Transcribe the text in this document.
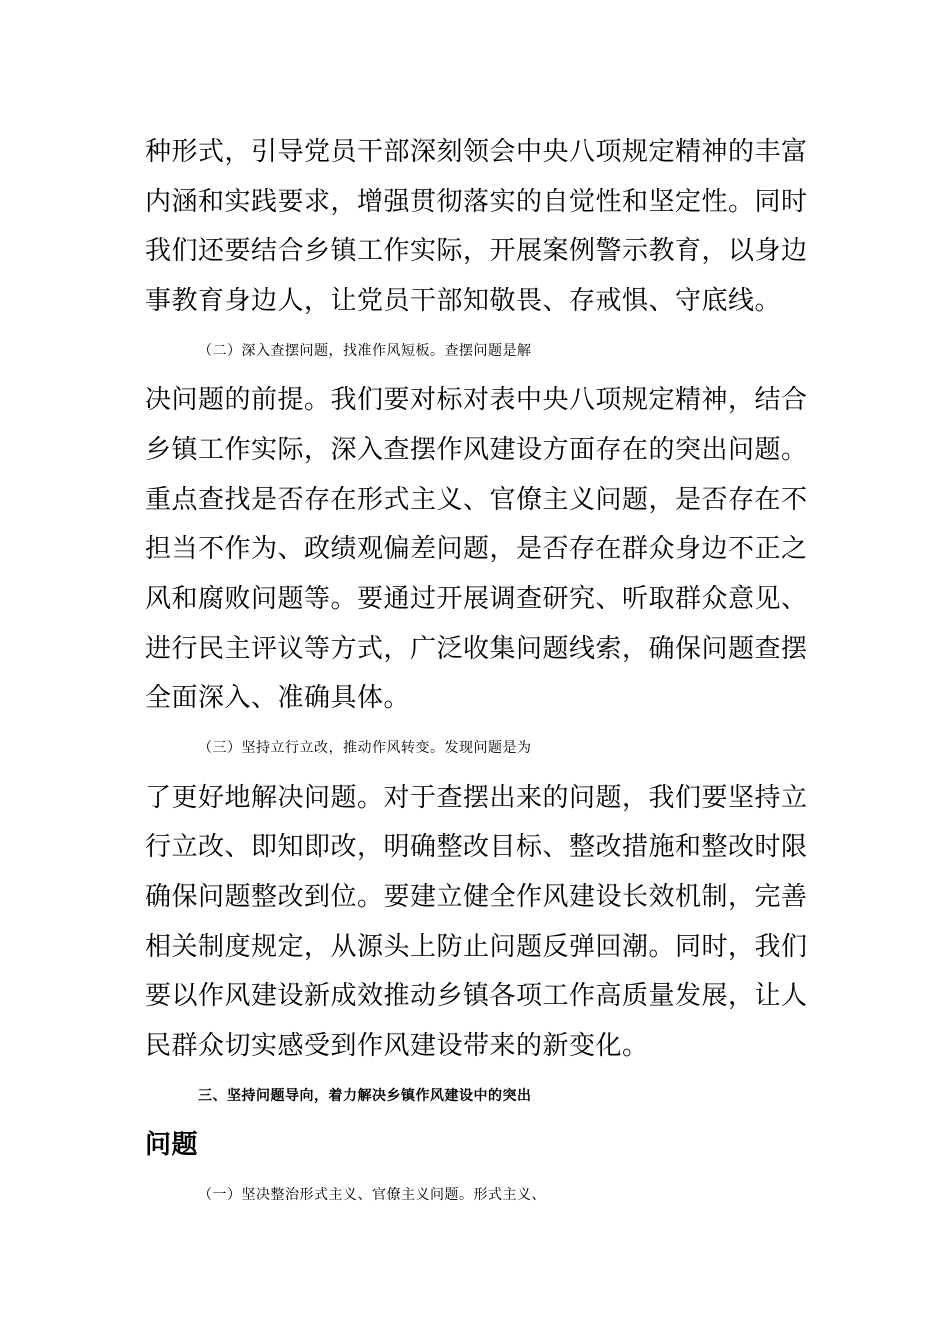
种形式，引导党员干部深刻领会中央八项规定精神的丰富
内涵和实践要求，增强贯彻落实的自觉性和坚定性。同时
我们还要结合乡镇工作实际，开展案例警示教育，以身边
事教育身边人，让党员干部知敬畏、存戒惧、守底线。
（二）深入查摆问题，找准作风短板。查摆问题是解
决问题的前提。我们要对标对表中央八项规定精神，结合
乡镇工作实际，深入查摆作风建设方面存在的突出问题。
重点查找是否存在形式主义、官僚主义问题，是否存在不
担当不作为、政绩观偏差问题，是否存在群众身边不正之
风和腐败问题等。要通过开展调查研究、听取群众意见、
进行民主评议等方式，广泛收集问题线索，确保问题查摆
全面深入、准确具体。
（三）坚持立行立改，推动作风转变。发现问题是为
了更好地解决问题。对于查摆出来的问题，我们要坚持立
行立改、即知即改，明确整改目标、整改措施和整改时限
确保问题整改到位。要建立健全作风建设长效机制，完善
相关制度规定，从源头上防止问题反弹回潮。同时，我们
要以作风建设新成效推动乡镇各项工作高质量发展，让人
民群众切实感受到作风建设带来的新变化。
三、坚持问题导向，着力解决乡镇作风建设中的突出
问题
（一）坚决整治形式主义、官僚主义问题。形式主义、
